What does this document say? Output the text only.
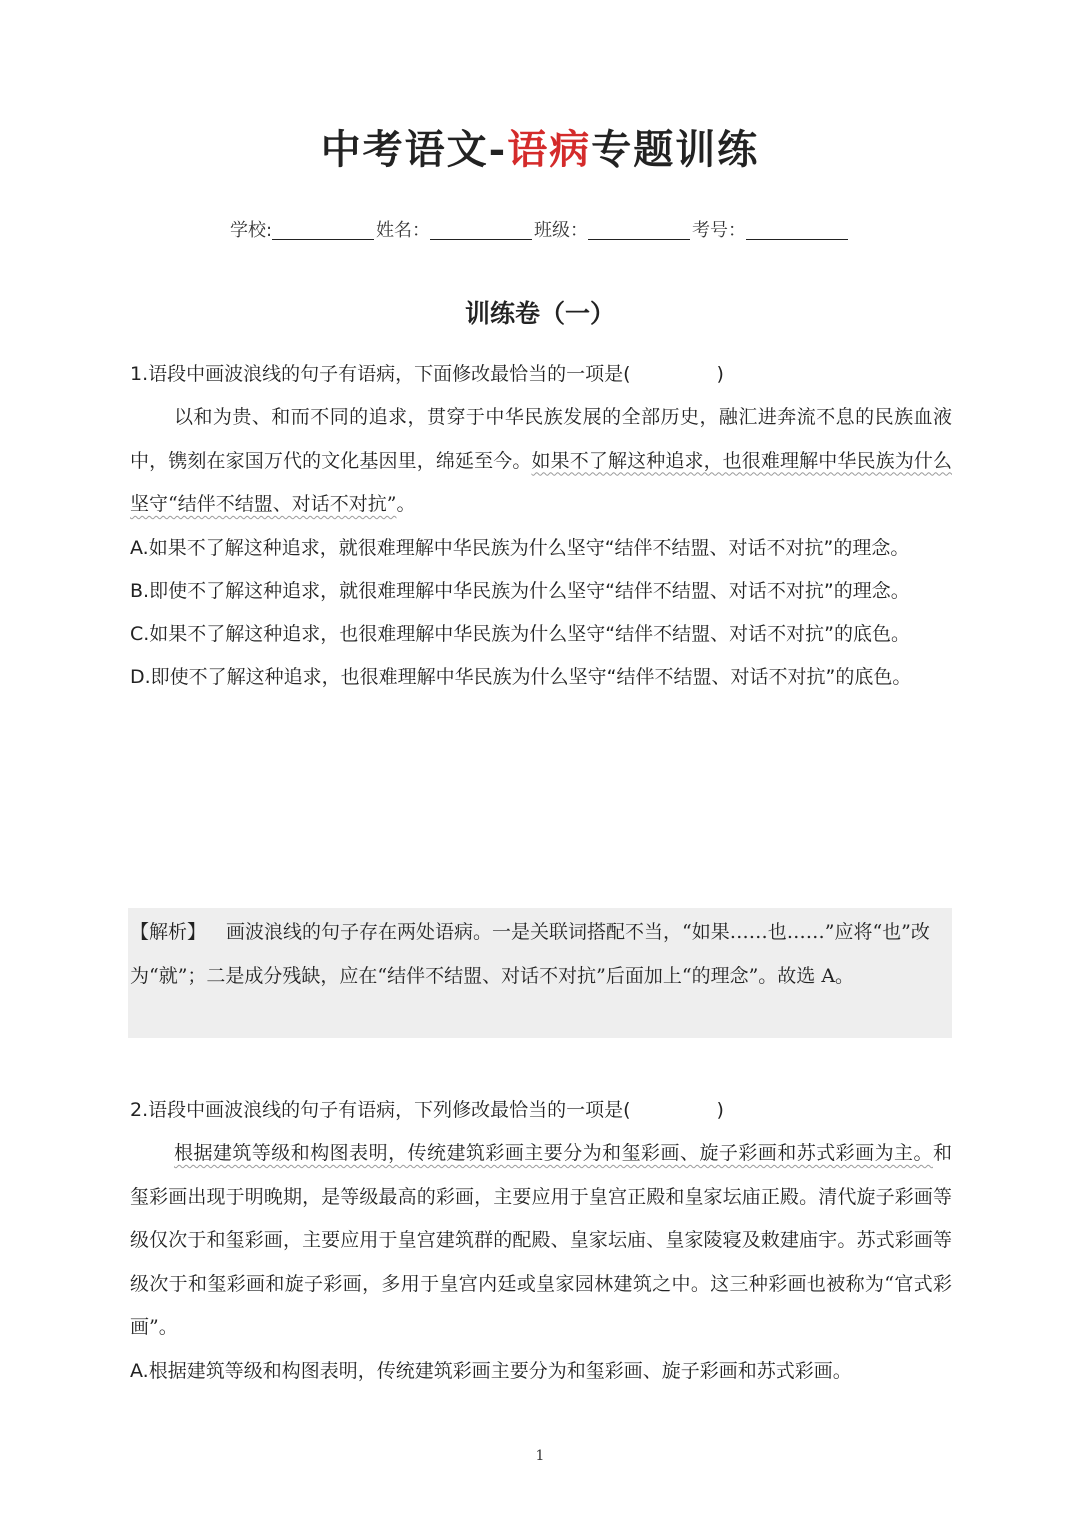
中考语文-语病专题训练
学校:	姓名：	班级：	考号：
训练卷（一）
1.语段中画波浪线的句子有语病，下面修改最恰当的一项是(	)
以和为贵、和而不同的追求，贯穿于中华民族发展的全部历史，融汇进奔流不息的民族血液中，镌刻在家国万代的文化基因里，绵延至今。如果不了解这种追求，也很难理解中华民族为什么坚守“结伴不结盟、对话不对抗”。
A.如果不了解这种追求，就很难理解中华民族为什么坚守“结伴不结盟、对话不对抗”的理念。
B.即使不了解这种追求，就很难理解中华民族为什么坚守“结伴不结盟、对话不对抗”的理念。
C.如果不了解这种追求，也很难理解中华民族为什么坚守“结伴不结盟、对话不对抗”的底色。
D.即使不了解这种追求，也很难理解中华民族为什么坚守“结伴不结盟、对话不对抗”的底色。

【解析】 画波浪线的句子存在两处语病。一是关联词搭配不当，“如果……也……”应将“也”改为“就”；二是成分残缺，应在“结伴不结盟、对话不对抗”后面加上“的理念”。故选 A。

2.语段中画波浪线的句子有语病，下列修改最恰当的一项是(	)
根据建筑等级和构图表明，传统建筑彩画主要分为和玺彩画、旋子彩画和苏式彩画为主。和玺彩画出现于明晚期，是等级最高的彩画，主要应用于皇宫正殿和皇家坛庙正殿。清代旋子彩画等级仅次于和玺彩画，主要应用于皇宫建筑群的配殿、皇家坛庙、皇家陵寝及敕建庙宇。苏式彩画等级次于和玺彩画和旋子彩画，多用于皇宫内廷或皇家园林建筑之中。这三种彩画也被称为“官式彩画”。
A.根据建筑等级和构图表明，传统建筑彩画主要分为和玺彩画、旋子彩画和苏式彩画。
1
